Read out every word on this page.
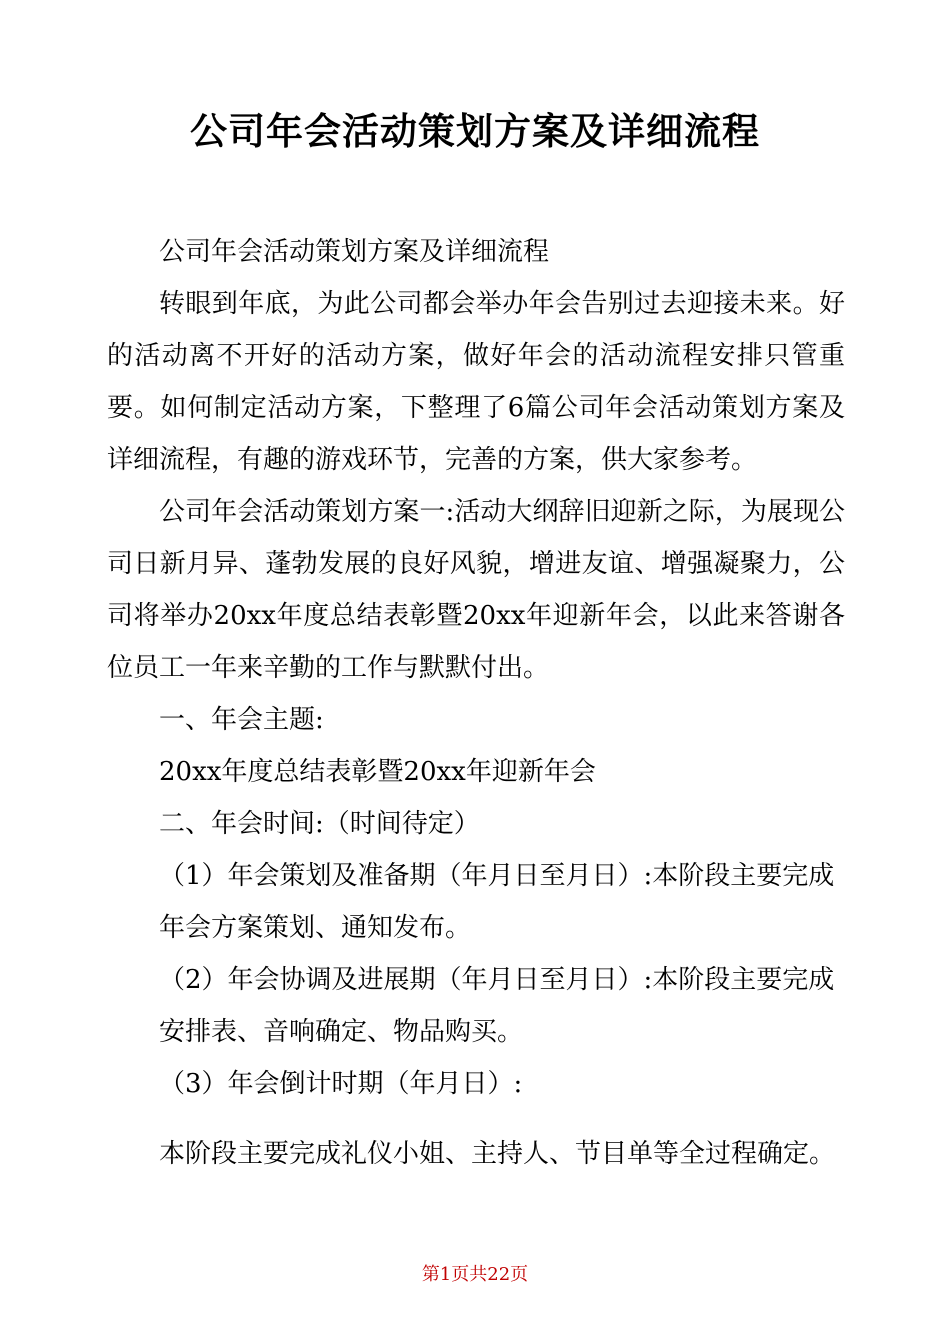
公司年会活动策划方案及详细流程

公司年会活动策划方案及详细流程

转眼到年底，为此公司都会举办年会告别过去迎接未来。好的活动离不开好的活动方案，做好年会的活动流程安排只管重要。如何制定活动方案，下整理了6篇公司年会活动策划方案及详细流程，有趣的游戏环节，完善的方案，供大家参考。

公司年会活动策划方案一:活动大纲辞旧迎新之际，为展现公司日新月异、蓬勃发展的良好风貌，增进友谊、增强凝聚力，公司将举办20xx年度总结表彰暨20xx年迎新年会，以此来答谢各位员工一年来辛勤的工作与默默付出。

一、年会主题:

20xx年度总结表彰暨20xx年迎新年会

二、年会时间:（时间待定）

（1）年会策划及准备期（年月日至月日）:本阶段主要完成年会方案策划、通知发布。

（2）年会协调及进展期（年月日至月日）:本阶段主要完成安排表、音响确定、物品购买。

（3）年会倒计时期（年月日）:

本阶段主要完成礼仪小姐、主持人、节目单等全过程确定。

第1页共22页
